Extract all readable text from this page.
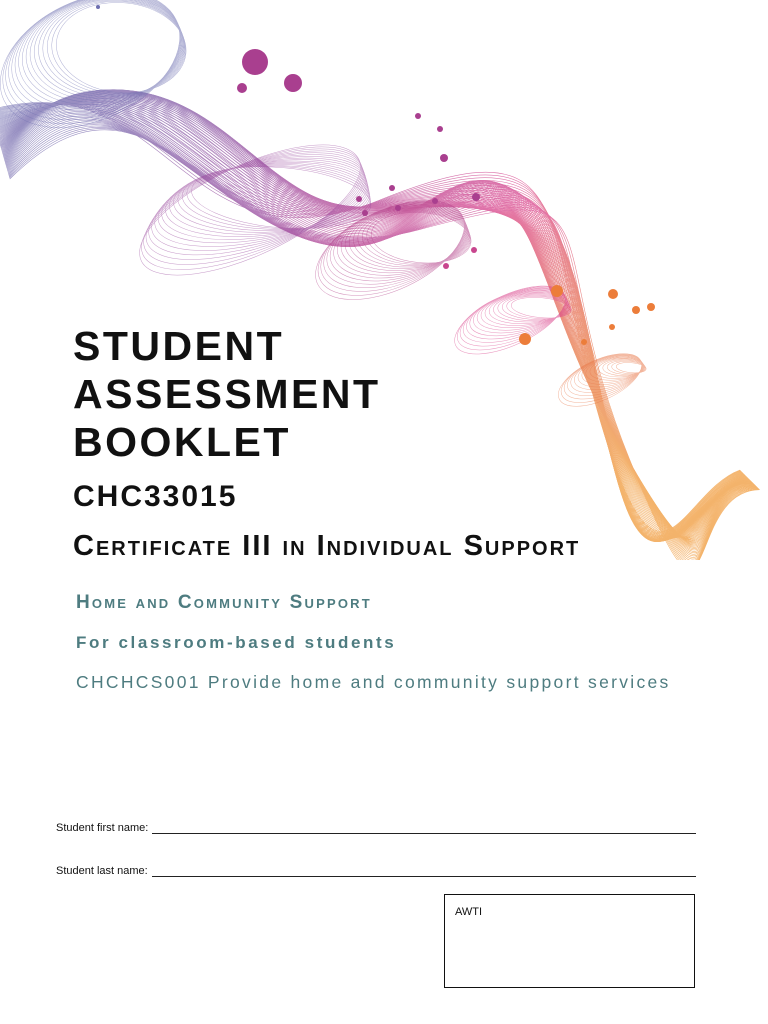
STUDENT
ASSESSMENT
BOOKLET
CHC33015
Certificate III in Individual Support

Home and Community Support

For classroom-based students

CHCHCS001 Provide home and community support services

Student first name:
Student last name:
AWTI
